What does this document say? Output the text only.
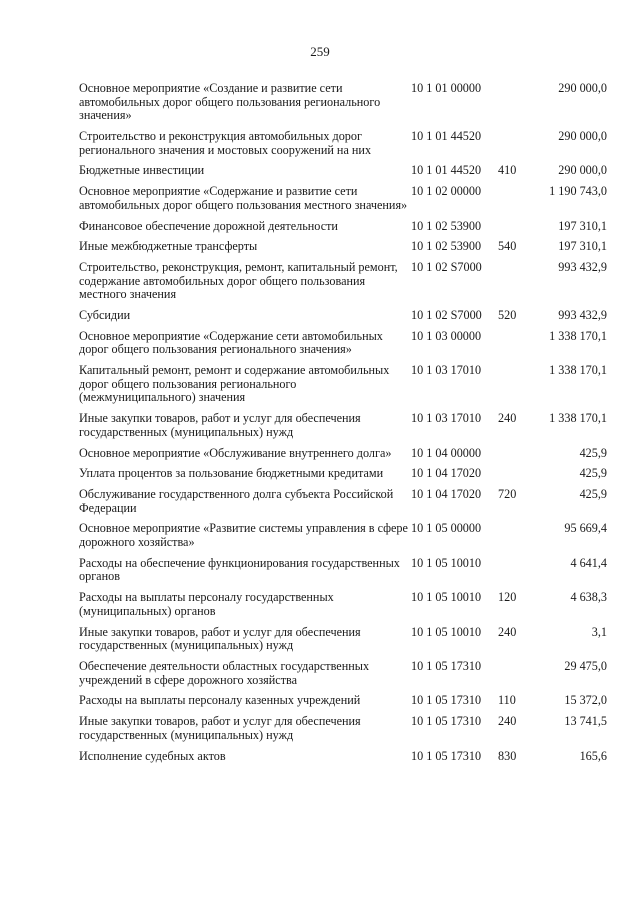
259
Основное мероприятие «Создание и развитие сети автомобильных дорог общего пользования регионального значения»
10 1 01 00000	290 000,0
Строительство и реконструкция автомобильных дорог регионального значения и мостовых сооружений на них
10 1 01 44520	290 000,0
Бюджетные инвестиции	10 1 01 44520	410	290 000,0
Основное мероприятие «Содержание и развитие сети автомобильных дорог общего пользования местного значения»
10 1 02 00000	1 190 743,0
Финансовое обеспечение дорожной деятельности	10 1 02 53900	197 310,1
Иные межбюджетные трансферты	10 1 02 53900	540	197 310,1
Строительство, реконструкция, ремонт, капитальный ремонт, содержание автомобильных дорог общего пользования местного значения
10 1 02 S7000	993 432,9
Субсидии	10 1 02 S7000	520	993 432,9
Основное мероприятие «Содержание сети автомобильных дорог общего пользования регионального значения»
10 1 03 00000	1 338 170,1
Капитальный ремонт, ремонт и содержание автомобильных дорог общего пользования регионального (межмуниципального) значения
10 1 03 17010	1 338 170,1
Иные закупки товаров, работ и услуг для обеспечения государственных (муниципальных) нужд
10 1 03 17010	240	1 338 170,1
Основное мероприятие «Обслуживание внутреннего долга»	10 1 04 00000	425,9
Уплата процентов за пользование бюджетными кредитами	10 1 04 17020	425,9
Обслуживание государственного долга субъекта Российской Федерации
10 1 04 17020	720	425,9
Основное мероприятие «Развитие системы управления в сфере дорожного хозяйства»
10 1 05 00000	95 669,4
Расходы на обеспечение функционирования государственных органов
10 1 05 10010	4 641,4
Расходы на выплаты персоналу государственных (муниципальных) органов
10 1 05 10010	120	4 638,3
Иные закупки товаров, работ и услуг для обеспечения государственных (муниципальных) нужд
10 1 05 10010	240	3,1
Обеспечение деятельности областных государственных учреждений в сфере дорожного хозяйства
10 1 05 17310	29 475,0
Расходы на выплаты персоналу казенных учреждений	10 1 05 17310	110	15 372,0
Иные закупки товаров, работ и услуг для обеспечения государственных (муниципальных) нужд
10 1 05 17310	240	13 741,5
Исполнение судебных актов	10 1 05 17310	830	165,6
